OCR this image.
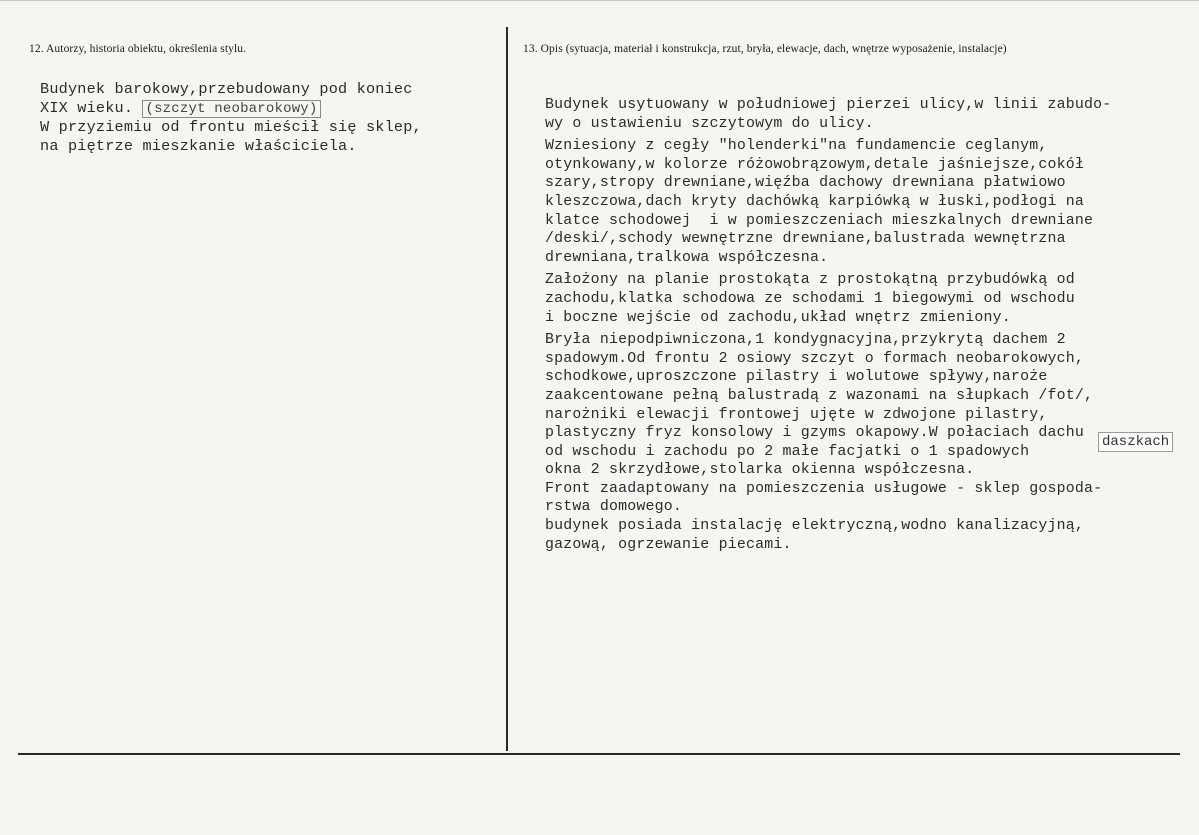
12. Autorzy, historia obiektu, określenia stylu.	13. Opis (sytuacja, materiał i konstrukcja, rzut, bryła, elewacje, dach, wnętrze wyposażenie, instalacje)
Budynek barokowy,przebudowany pod koniec
XIX wieku. (szczyt neobarokowy)
W przyziemiu od frontu mieścił się sklep,
na piętrze mieszkanie właściciela.
Budynek usytuowany w południowej pierzei ulicy,w linii zabudo-
wy o ustawieniu szczytowym do ulicy.
Wzniesiony z cegły "holenderki"na fundamencie ceglanym,
otynkowany,w kolorze różowobrązowym,detale jaśniejsze,cokół
szary,stropy drewniane,więźba dachowy drewniana płatwiowo
kleszczowa,dach kryty dachówką karpiówką w łuski,podłogi na
klatce schodowej  i w pomieszczeniach mieszkalnych drewniane
/deski/,schody wewnętrzne drewniane,balustrada wewnętrzna
drewniana,tralkowa współczesna.
Założony na planie prostokąta z prostokątną przybudówką od
zachodu,klatka schodowa ze schodami 1 biegowymi od wschodu
i boczne wejście od zachodu,układ wnętrz zmieniony.
Bryła niepodpiwniczona,1 kondygnacyjna,przykrytą dachem 2
spadowym.Od frontu 2 osiowy szczyt o formach neobarokowych,
schodkowe,uproszczone pilastry i wolutowe spływy,naroże
zaakcentowane pełną balustradą z wazonami na słupkach /fot/,
narożniki elewacji frontowej ujęte w zdwojone pilastry,
plastyczny fryz konsolowy i gzyms okapowy.W połaciach dachu
od wschodu i zachodu po 2 małe facjatki o 1 spadowych
okna 2 skrzydłowe,stolarka okienna współczesna.
Front zaadaptowany na pomieszczenia usługowe - sklep gospoda-
rstwa domowego.
budynek posiada instalację elektryczną,wodno kanalizacyjną,
gazową, ogrzewanie piecami.
daszkach
